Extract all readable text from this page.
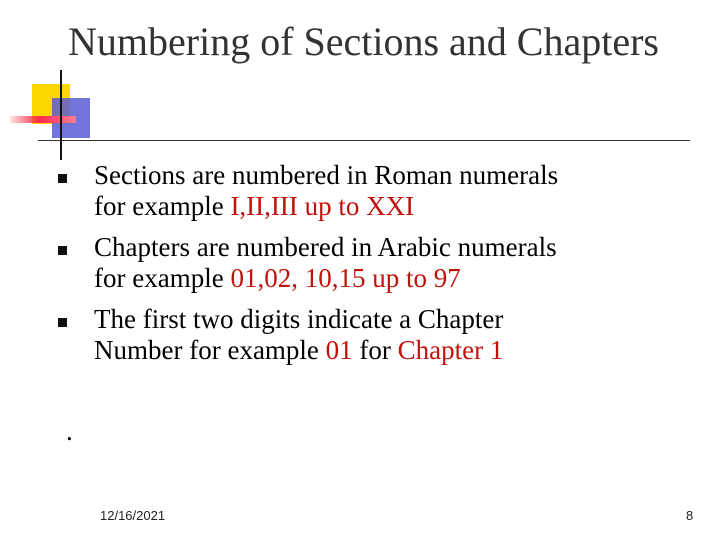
Numbering of Sections and Chapters
Sections are numbered in Roman numerals
for example I,II,III up to XXI
Chapters are numbered in Arabic numerals
for example 01,02, 10,15 up to 97
The first two digits indicate a Chapter
Number for example 01 for Chapter 1
.
12/16/2021	8
